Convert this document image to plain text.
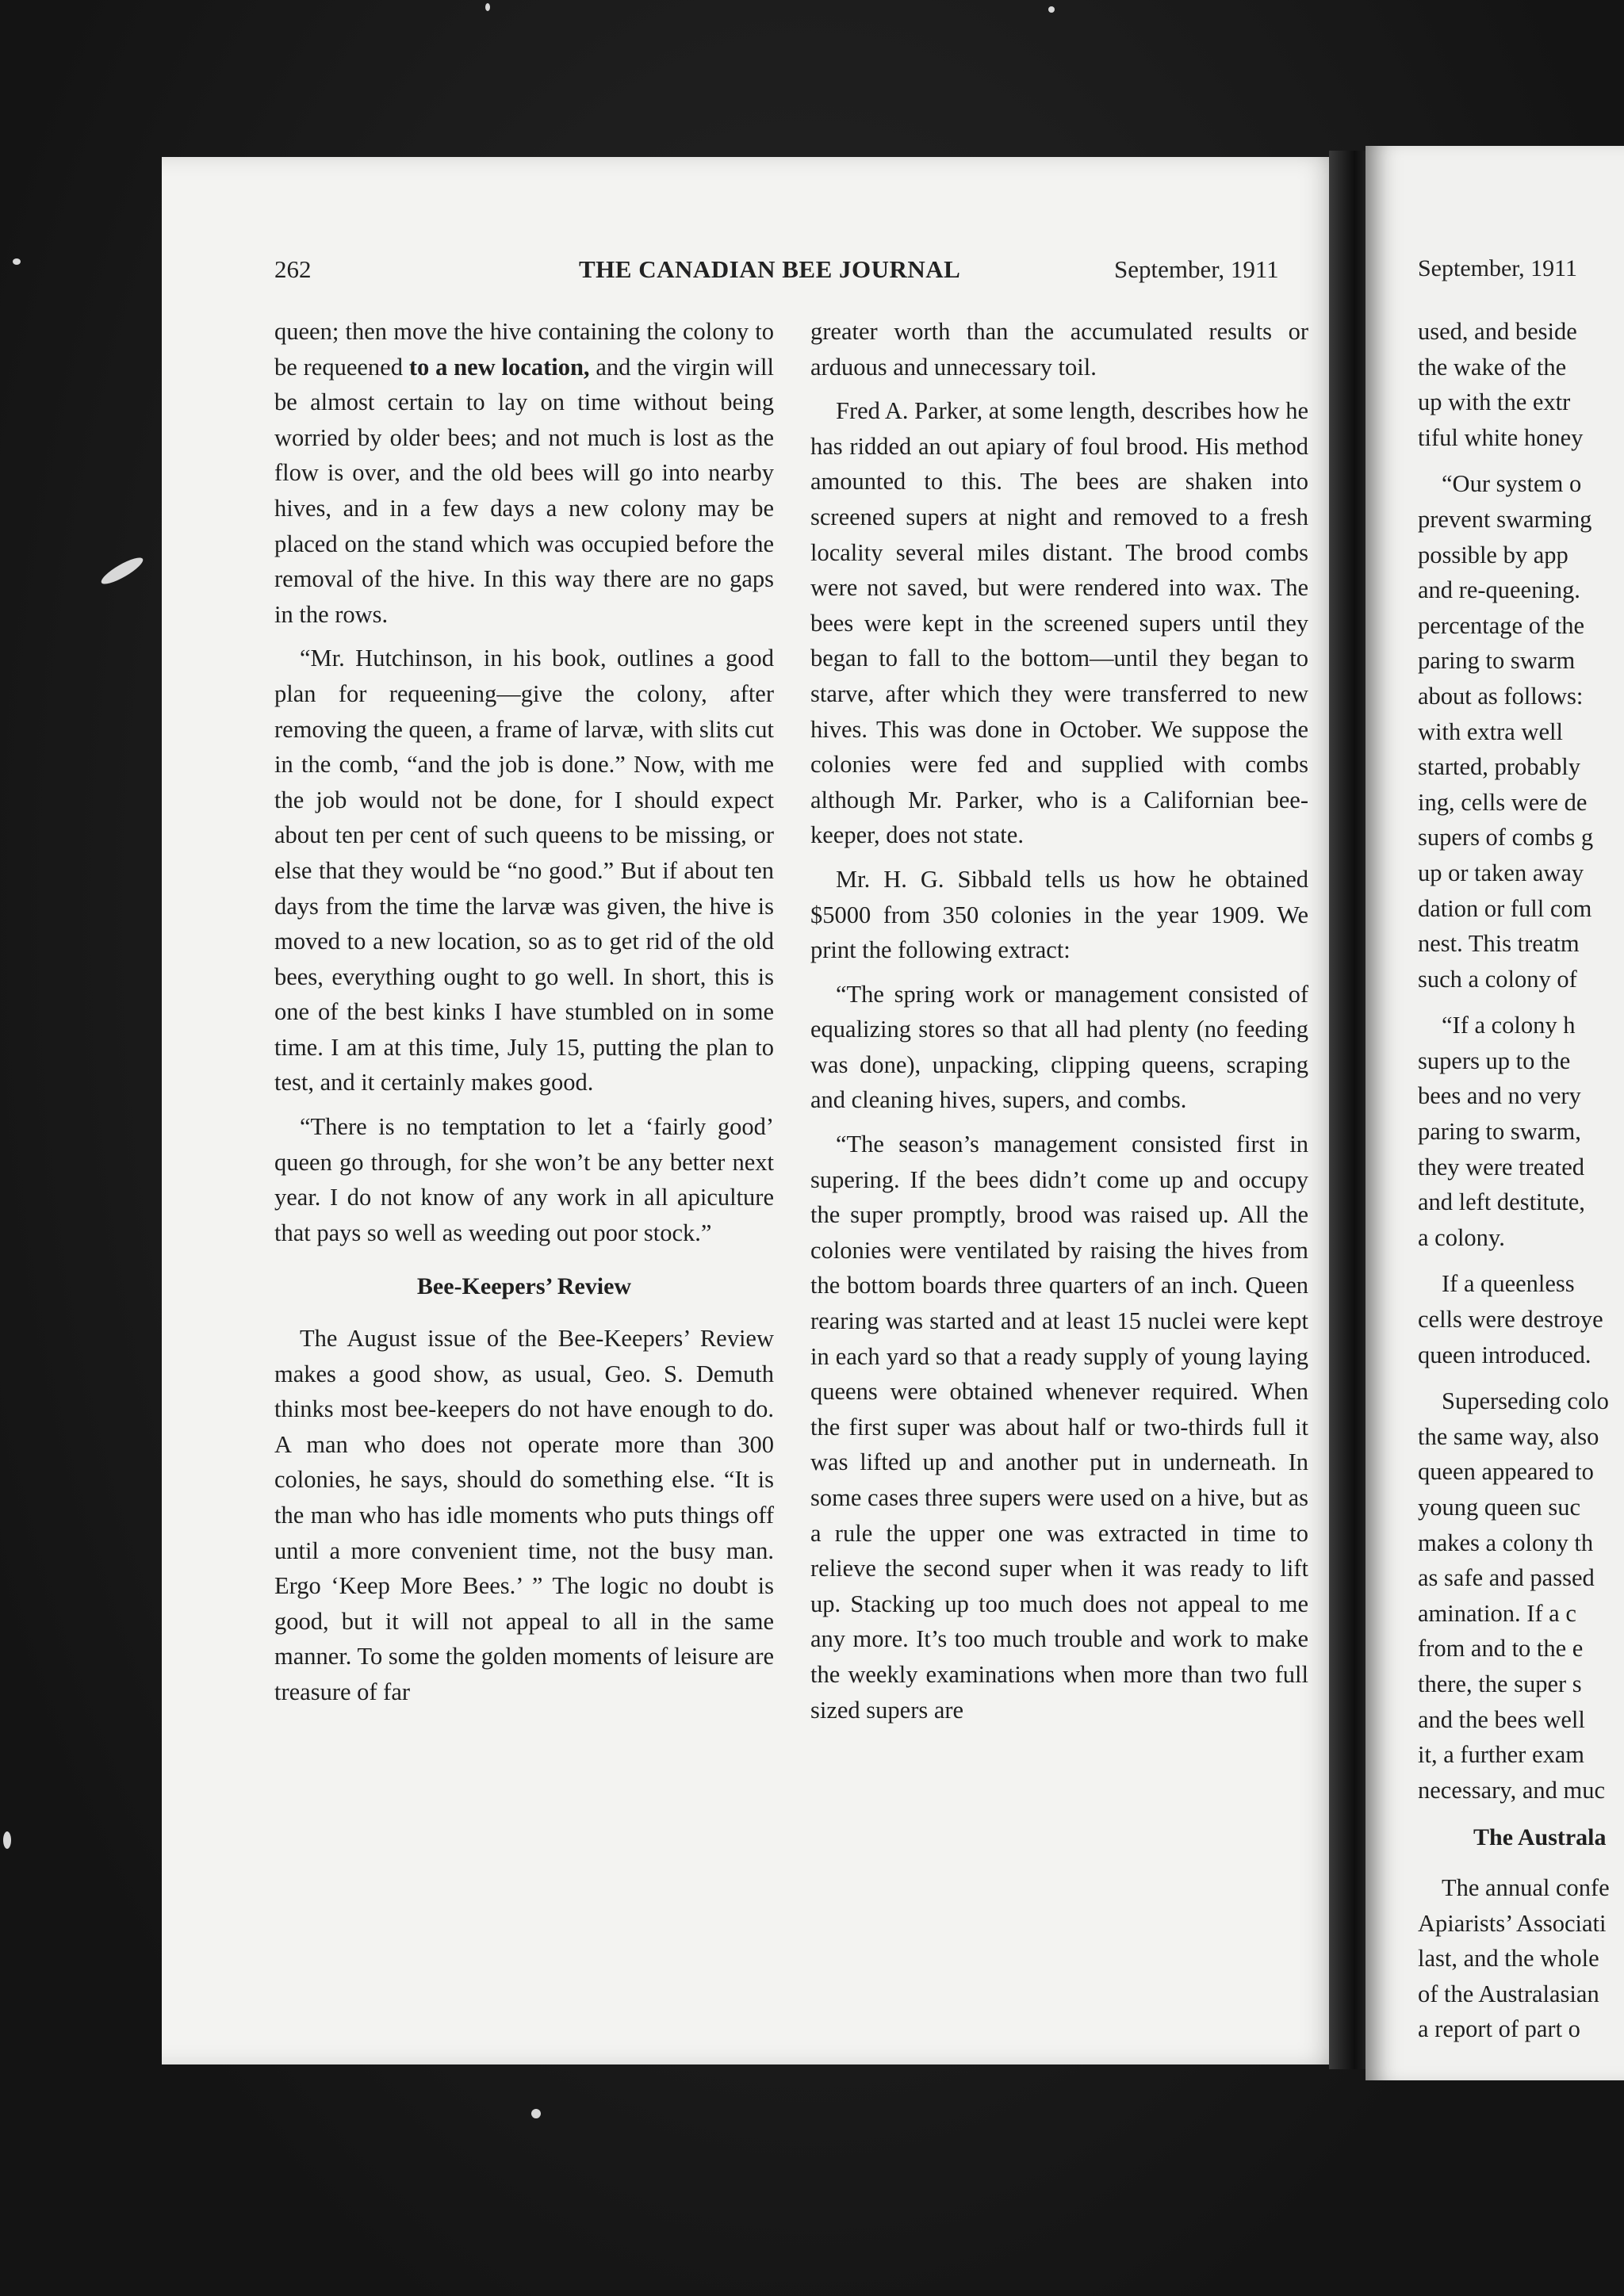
262	THE CANADIAN BEE JOURNAL	September, 1911	September, 1911

queen; then move the hive containing the colony to be requeened to a new location, and the virgin will be almost certain to lay on time without being worried by older bees; and not much is lost as the flow is over, and the old bees will go into nearby hives, and in a few days a new colony may be placed on the stand which was occupied before the removal of the hive. In this way there are no gaps in the rows.

“Mr. Hutchinson, in his book, outlines a good plan for requeening—give the colony, after removing the queen, a frame of larvæ, with slits cut in the comb, “and the job is done.” Now, with me the job would not be done, for I should expect about ten per cent of such queens to be missing, or else that they would be “no good.” But if about ten days from the time the larvæ was given, the hive is moved to a new location, so as to get rid of the old bees, everything ought to go well. In short, this is one of the best kinks I have stumbled on in some time. I am at this time, July 15, putting the plan to test, and it certainly makes good.

“There is no temptation to let a ‘fairly good’ queen go through, for she won’t be any better next year. I do not know of any work in all apiculture that pays so well as weeding out poor stock.”

Bee-Keepers’ Review

The August issue of the Bee-Keepers’ Review makes a good show, as usual, Geo. S. Demuth thinks most bee-keepers do not have enough to do. A man who does not operate more than 300 colonies, he says, should do something else. “It is the man who has idle moments who puts things off until a more convenient time, not the busy man. Ergo ‘Keep More Bees.’ ” The logic no doubt is good, but it will not appeal to all in the same manner. To some the golden moments of leisure are treasure of far

greater worth than the accumulated results or arduous and unnecessary toil.

Fred A. Parker, at some length, describes how he has ridded an out apiary of foul brood. His method amounted to this. The bees are shaken into screened supers at night and removed to a fresh locality several miles distant. The brood combs were not saved, but were rendered into wax. The bees were kept in the screened supers until they began to fall to the bottom—until they began to starve, after which they were transferred to new hives. This was done in October. We suppose the colonies were fed and supplied with combs although Mr. Parker, who is a Californian bee-keeper, does not state.

Mr. H. G. Sibbald tells us how he obtained $5000 from 350 colonies in the year 1909. We print the following extract:

“The spring work or management consisted of equalizing stores so that all had plenty (no feeding was done), unpacking, clipping queens, scraping and cleaning hives, supers, and combs.

“The season’s management consisted first in supering. If the bees didn’t come up and occupy the super promptly, brood was raised up. All the colonies were ventilated by raising the hives from the bottom boards three quarters of an inch. Queen rearing was started and at least 15 nuclei were kept in each yard so that a ready supply of young laying queens were obtained whenever required. When the first super was about half or two-thirds full it was lifted up and another put in underneath. In some cases three supers were used on a hive, but as a rule the upper one was extracted in time to relieve the second super when it was ready to lift up. Stacking up too much does not appeal to me any more. It’s too much trouble and work to make the weekly examinations when more than two full sized supers are

used, and beside
the wake of the
up with the extr
tiful white honey
“Our system o
prevent swarming
possible by app
and re-queening.
percentage of the
paring to swarm
about as follows:
with extra well
started, probably
ing, cells were de
supers of combs g
up or taken away
dation or full com
nest. This treatm
such a colony of
“If a colony h
supers up to the
bees and no very
paring to swarm,
they were treated
and left destitute,
a colony.
If a queenless
cells were destroye
queen introduced.
Superseding colo
the same way, also
queen appeared to
young queen suc
makes a colony th
as safe and passed
amination. If a c
from and to the e
there, the super s
and the bees well
it, a further exam
necessary, and muc
The Australa
The annual confe
Apiarists’ Associati
last, and the whole
of the Australasian
a report of part o
